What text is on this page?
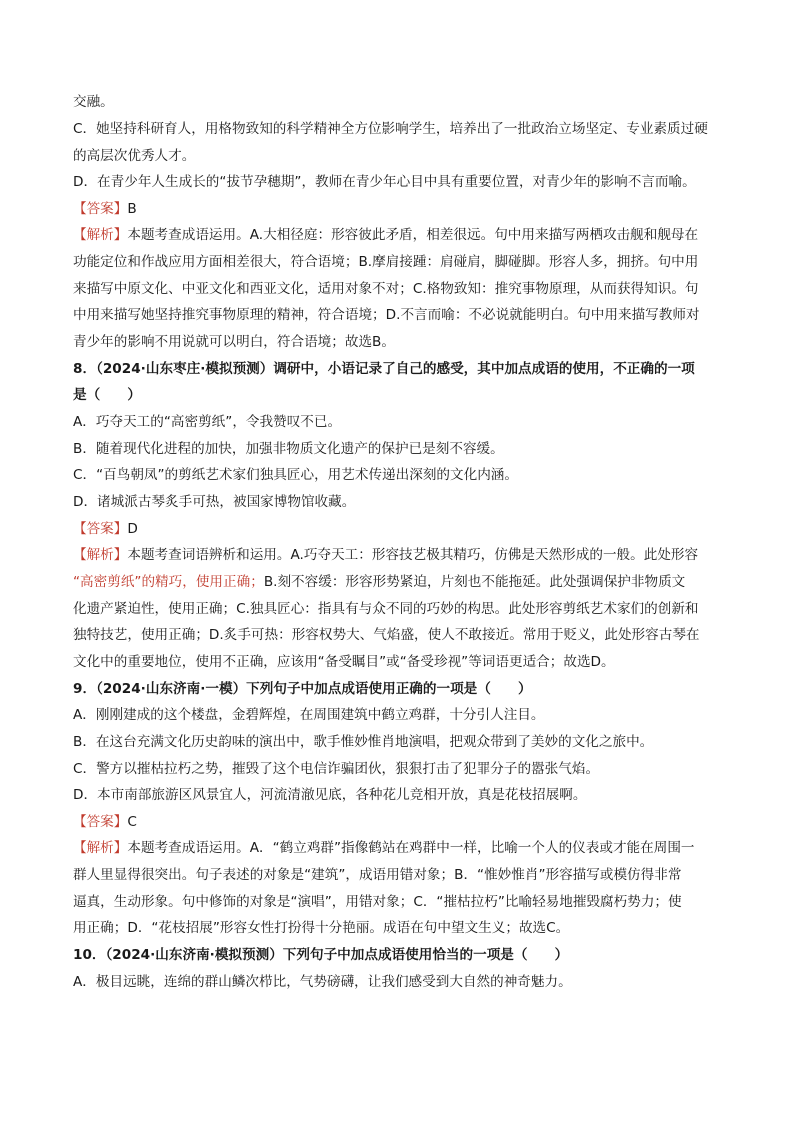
交融。
C．她坚持科研育人，用格物致知的科学精神全方位影响学生，培养出了一批政治立场坚定、专业素质过硬
的高层次优秀人才。
D．在青少年人生成长的“拔节孕穗期”，教师在青少年心目中具有重要位置，对青少年的影响不言而喻。
【答案】B
【解析】本题考查成语运用。A.大相径庭：形容彼此矛盾，相差很远。句中用来描写两栖攻击舰和舰母在
功能定位和作战应用方面相差很大，符合语境；B.摩肩接踵：肩碰肩，脚碰脚。形容人多，拥挤。句中用
来描写中原文化、中亚文化和西亚文化，适用对象不对；C.格物致知：推究事物原理，从而获得知识。句
中用来描写她坚持推究事物原理的精神，符合语境；D.不言而喻：不必说就能明白。句中用来描写教师对
青少年的影响不用说就可以明白，符合语境；故选B。
8．（2024·山东枣庄·模拟预测）调研中，小语记录了自己的感受，其中加点成语的使用，不正确的一项
是（　　）
A．巧夺天工的“高密剪纸”，令我赞叹不已。
B．随着现代化进程的加快，加强非物质文化遗产的保护已是刻不容缓。
C．“百鸟朝凤”的剪纸艺术家们独具匠心，用艺术传递出深刻的文化内涵。
D．诸城派古琴炙手可热，被国家博物馆收藏。
【答案】D
【解析】本题考查词语辨析和运用。A.巧夺天工：形容技艺极其精巧，仿佛是天然形成的一般。此处形容
“高密剪纸”的精巧，使用正确；B.刻不容缓：形容形势紧迫，片刻也不能拖延。此处强调保护非物质文
化遗产紧迫性，使用正确；C.独具匠心：指具有与众不同的巧妙的构思。此处形容剪纸艺术家们的创新和
独特技艺，使用正确；D.炙手可热：形容权势大、气焰盛，使人不敢接近。常用于贬义，此处形容古琴在
文化中的重要地位，使用不正确，应该用“备受瞩目”或“备受珍视”等词语更适合；故选D。
9．（2024·山东济南·一模）下列句子中加点成语使用正确的一项是（　　）
A．刚刚建成的这个楼盘，金碧辉煌，在周围建筑中鹤立鸡群，十分引人注目。
B．在这台充满文化历史韵味的演出中，歌手惟妙惟肖地演唱，把观众带到了美妙的文化之旅中。
C．警方以摧枯拉朽之势，摧毁了这个电信诈骗团伙，狠狠打击了犯罪分子的嚣张气焰。
D．本市南部旅游区风景宜人，河流清澈见底，各种花儿竞相开放，真是花枝招展啊。
【答案】C
【解析】本题考查成语运用。A．“鹤立鸡群”指像鹤站在鸡群中一样，比喻一个人的仪表或才能在周围一
群人里显得很突出。句子表述的对象是“建筑”，成语用错对象；B．“惟妙惟肖”形容描写或模仿得非常
逼真，生动形象。句中修饰的对象是“演唱”，用错对象；C．“摧枯拉朽”比喻轻易地摧毁腐朽势力；使
用正确；D．“花枝招展”形容女性打扮得十分艳丽。成语在句中望文生义；故选C。
10．（2024·山东济南·模拟预测）下列句子中加点成语使用恰当的一项是（　　）
A．极目远眺，连绵的群山鳞次栉比，气势磅礴，让我们感受到大自然的神奇魅力。
